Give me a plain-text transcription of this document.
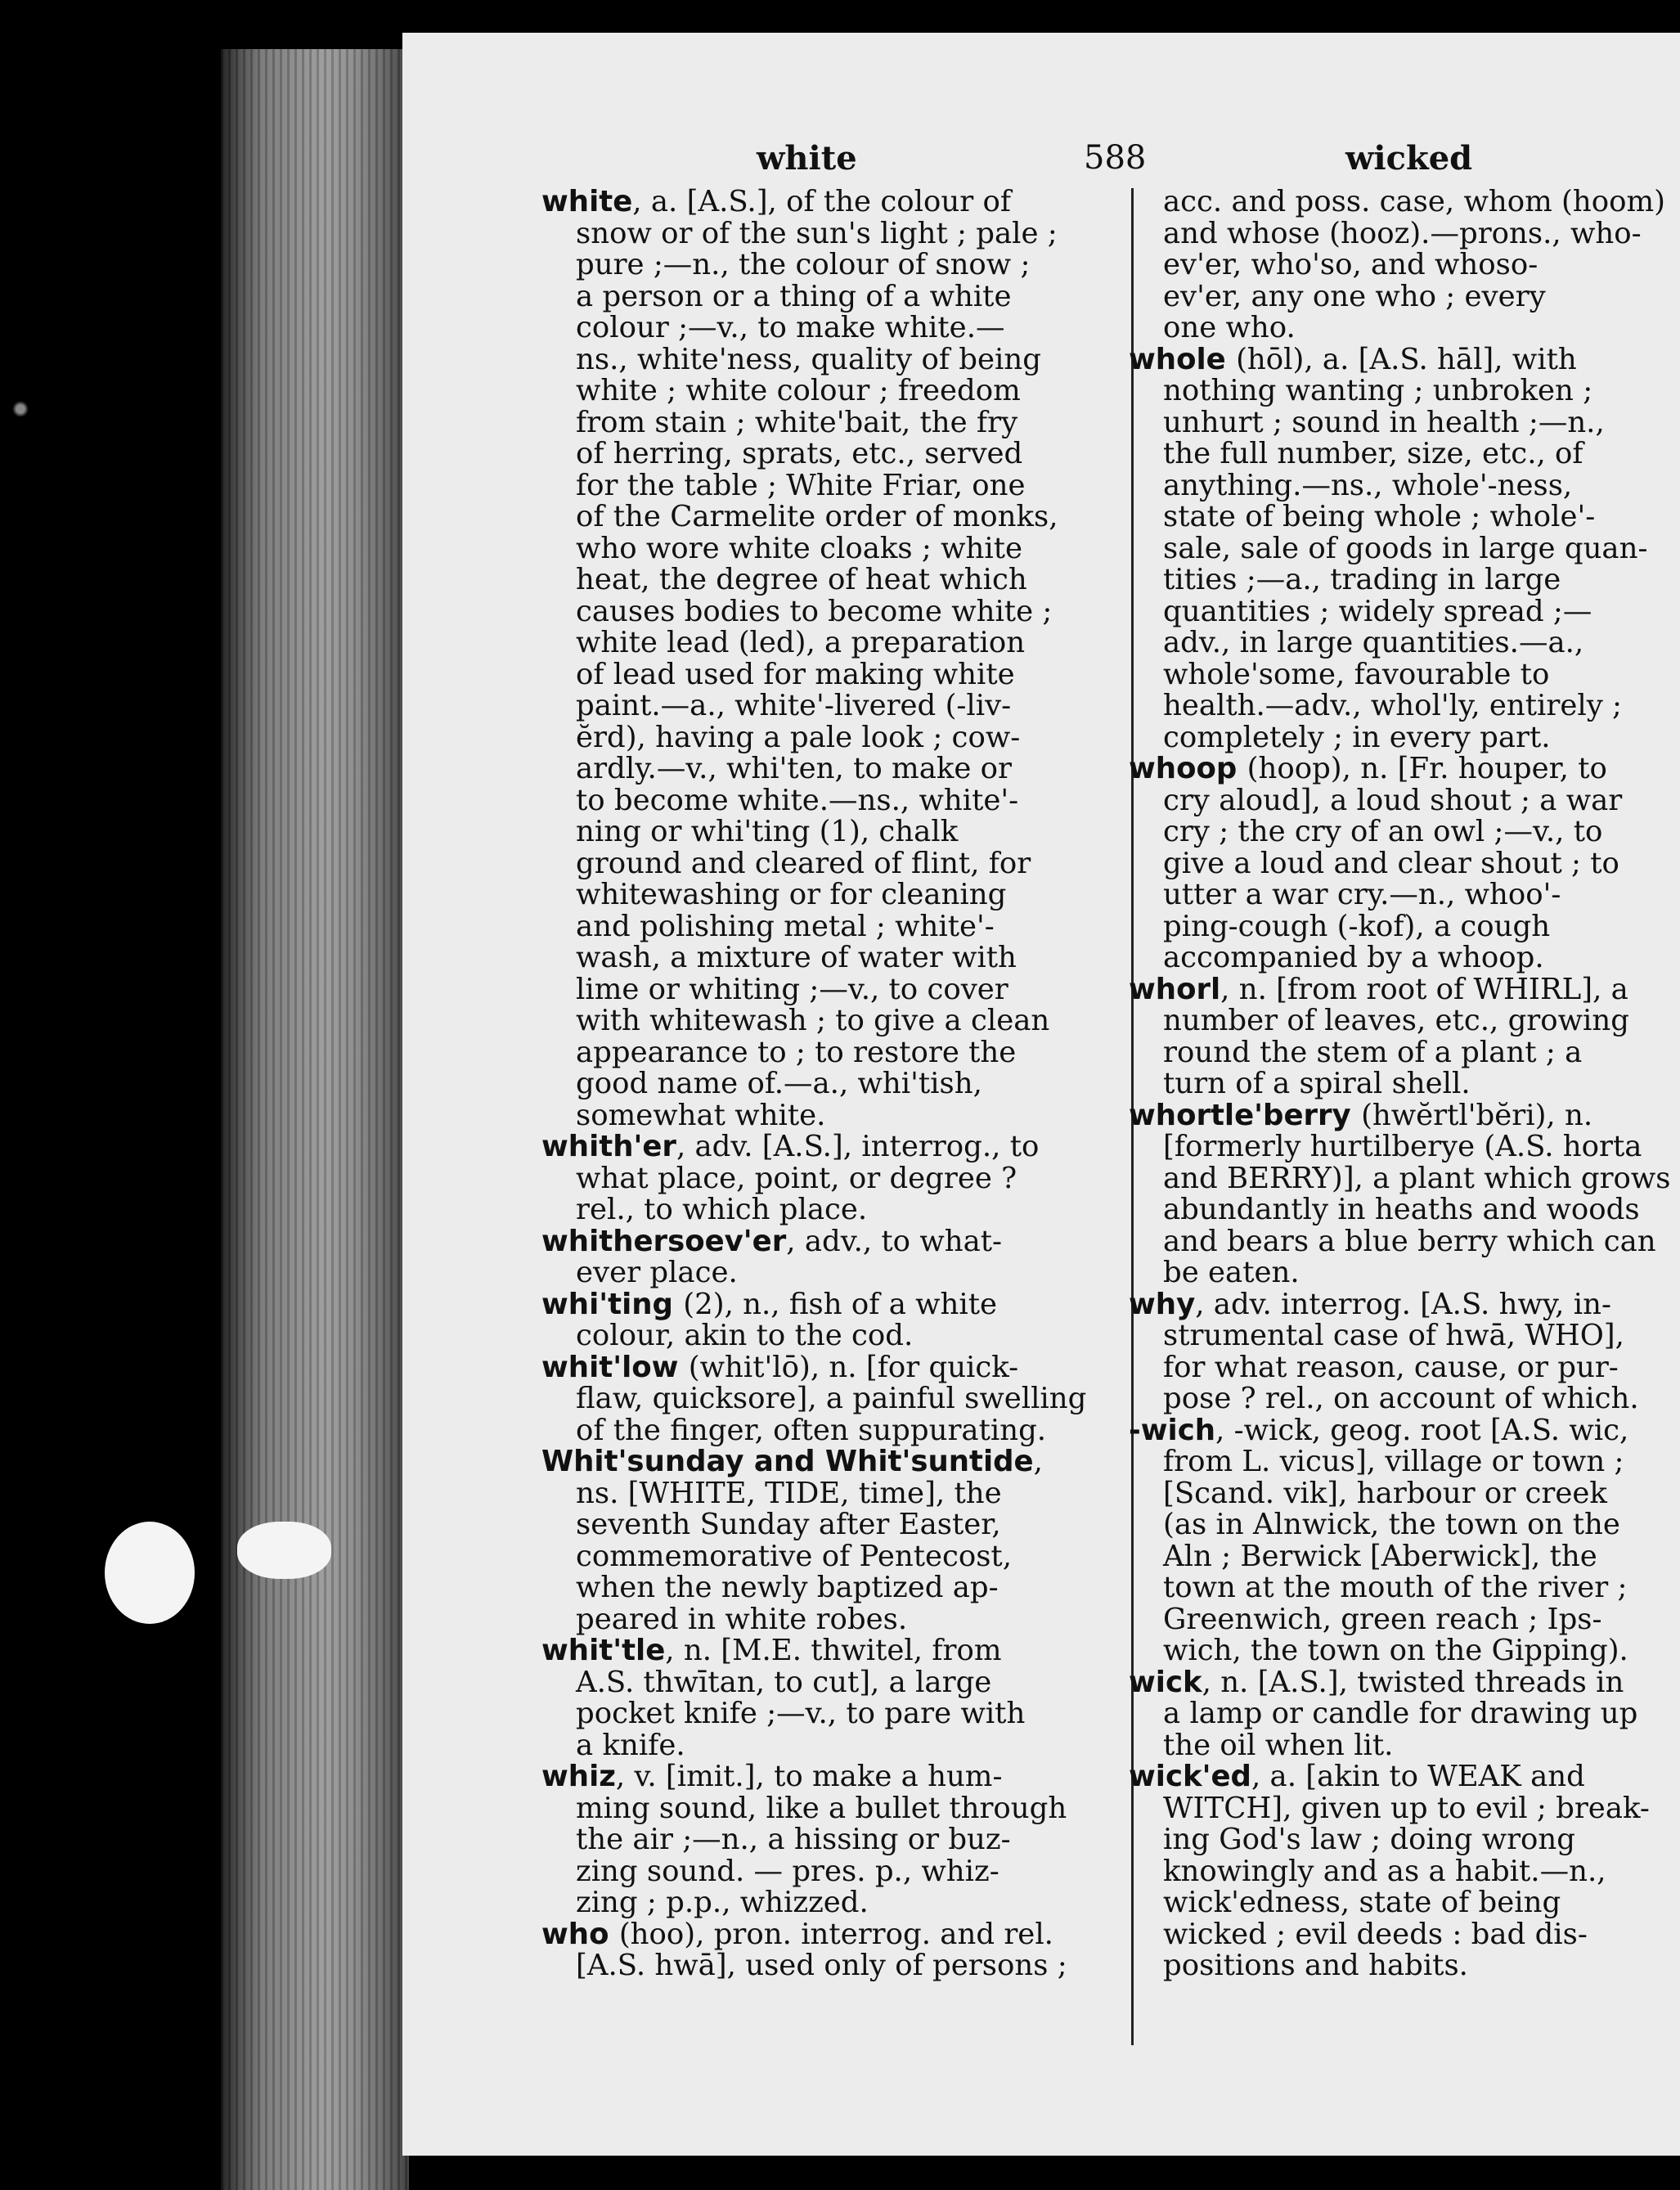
white	588	wicked
white, a. [A.S.], of the colour of
snow or of the sun's light ; pale ;
pure ;—n., the colour of snow ;
a person or a thing of a white
colour ;—v., to make white.—
ns., white'ness, quality of being
white ; white colour ; freedom
from stain ; white'bait, the fry
of herring, sprats, etc., served
for the table ; White Friar, one
of the Carmelite order of monks,
who wore white cloaks ; white
heat, the degree of heat which
causes bodies to become white ;
white lead (led), a preparation
of lead used for making white
paint.—a., white'-livered (-liv-
ĕrd), having a pale look ; cow-
ardly.—v., whi'ten, to make or
to become white.—ns., white'-
ning or whi'ting (1), chalk
ground and cleared of flint, for
whitewashing or for cleaning
and polishing metal ; white'-
wash, a mixture of water with
lime or whiting ;—v., to cover
with whitewash ; to give a clean
appearance to ; to restore the
good name of.—a., whi'tish,
somewhat white.
whith'er, adv. [A.S.], interrog., to
what place, point, or degree ?
rel., to which place.
whithersoev'er, adv., to what-
ever place.
whi'ting (2), n., fish of a white
colour, akin to the cod.
whit'low (whit'lō), n. [for quick-
flaw, quicksore], a painful swelling
of the finger, often suppurating.
Whit'sunday and Whit'suntide,
ns. [WHITE, TIDE, time], the
seventh Sunday after Easter,
commemorative of Pentecost,
when the newly baptized ap-
peared in white robes.
whit'tle, n. [M.E. thwitel, from
A.S. thwītan, to cut], a large
pocket knife ;—v., to pare with
a knife.
whiz, v. [imit.], to make a hum-
ming sound, like a bullet through
the air ;—n., a hissing or buz-
zing sound. — pres. p., whiz-
zing ; p.p., whizzed.
who (hoo), pron. interrog. and rel.
[A.S. hwā], used only of persons ;
acc. and poss. case, whom (hoom)
and whose (hooz).—prons., who-
ev'er, who'so, and whoso-
ev'er, any one who ; every
one who.
whole (hōl), a. [A.S. hāl], with
nothing wanting ; unbroken ;
unhurt ; sound in health ;—n.,
the full number, size, etc., of
anything.—ns., whole'-ness,
state of being whole ; whole'-
sale, sale of goods in large quan-
tities ;—a., trading in large
quantities ; widely spread ;—
adv., in large quantities.—a.,
whole'some, favourable to
health.—adv., whol'ly, entirely ;
completely ; in every part.
whoop (hoop), n. [Fr. houper, to
cry aloud], a loud shout ; a war
cry ; the cry of an owl ;—v., to
give a loud and clear shout ; to
utter a war cry.—n., whoo'-
ping-cough (-kof), a cough
accompanied by a whoop.
whorl, n. [from root of WHIRL], a
number of leaves, etc., growing
round the stem of a plant ; a
turn of a spiral shell.
whortle'berry (hwĕrtl'bĕri), n.
[formerly hurtilberye (A.S. horta
and BERRY)], a plant which grows
abundantly in heaths and woods
and bears a blue berry which can
be eaten.
why, adv. interrog. [A.S. hwy, in-
strumental case of hwā, WHO],
for what reason, cause, or pur-
pose ? rel., on account of which.
-wich, -wick, geog. root [A.S. wic,
from L. vicus], village or town ;
[Scand. vik], harbour or creek
(as in Alnwick, the town on the
Aln ; Berwick [Aberwick], the
town at the mouth of the river ;
Greenwich, green reach ; Ips-
wich, the town on the Gipping).
wick, n. [A.S.], twisted threads in
a lamp or candle for drawing up
the oil when lit.
wick'ed, a. [akin to WEAK and
WITCH], given up to evil ; break-
ing God's law ; doing wrong
knowingly and as a habit.—n.,
wick'edness, state of being
wicked ; evil deeds : bad dis-
positions and habits.
